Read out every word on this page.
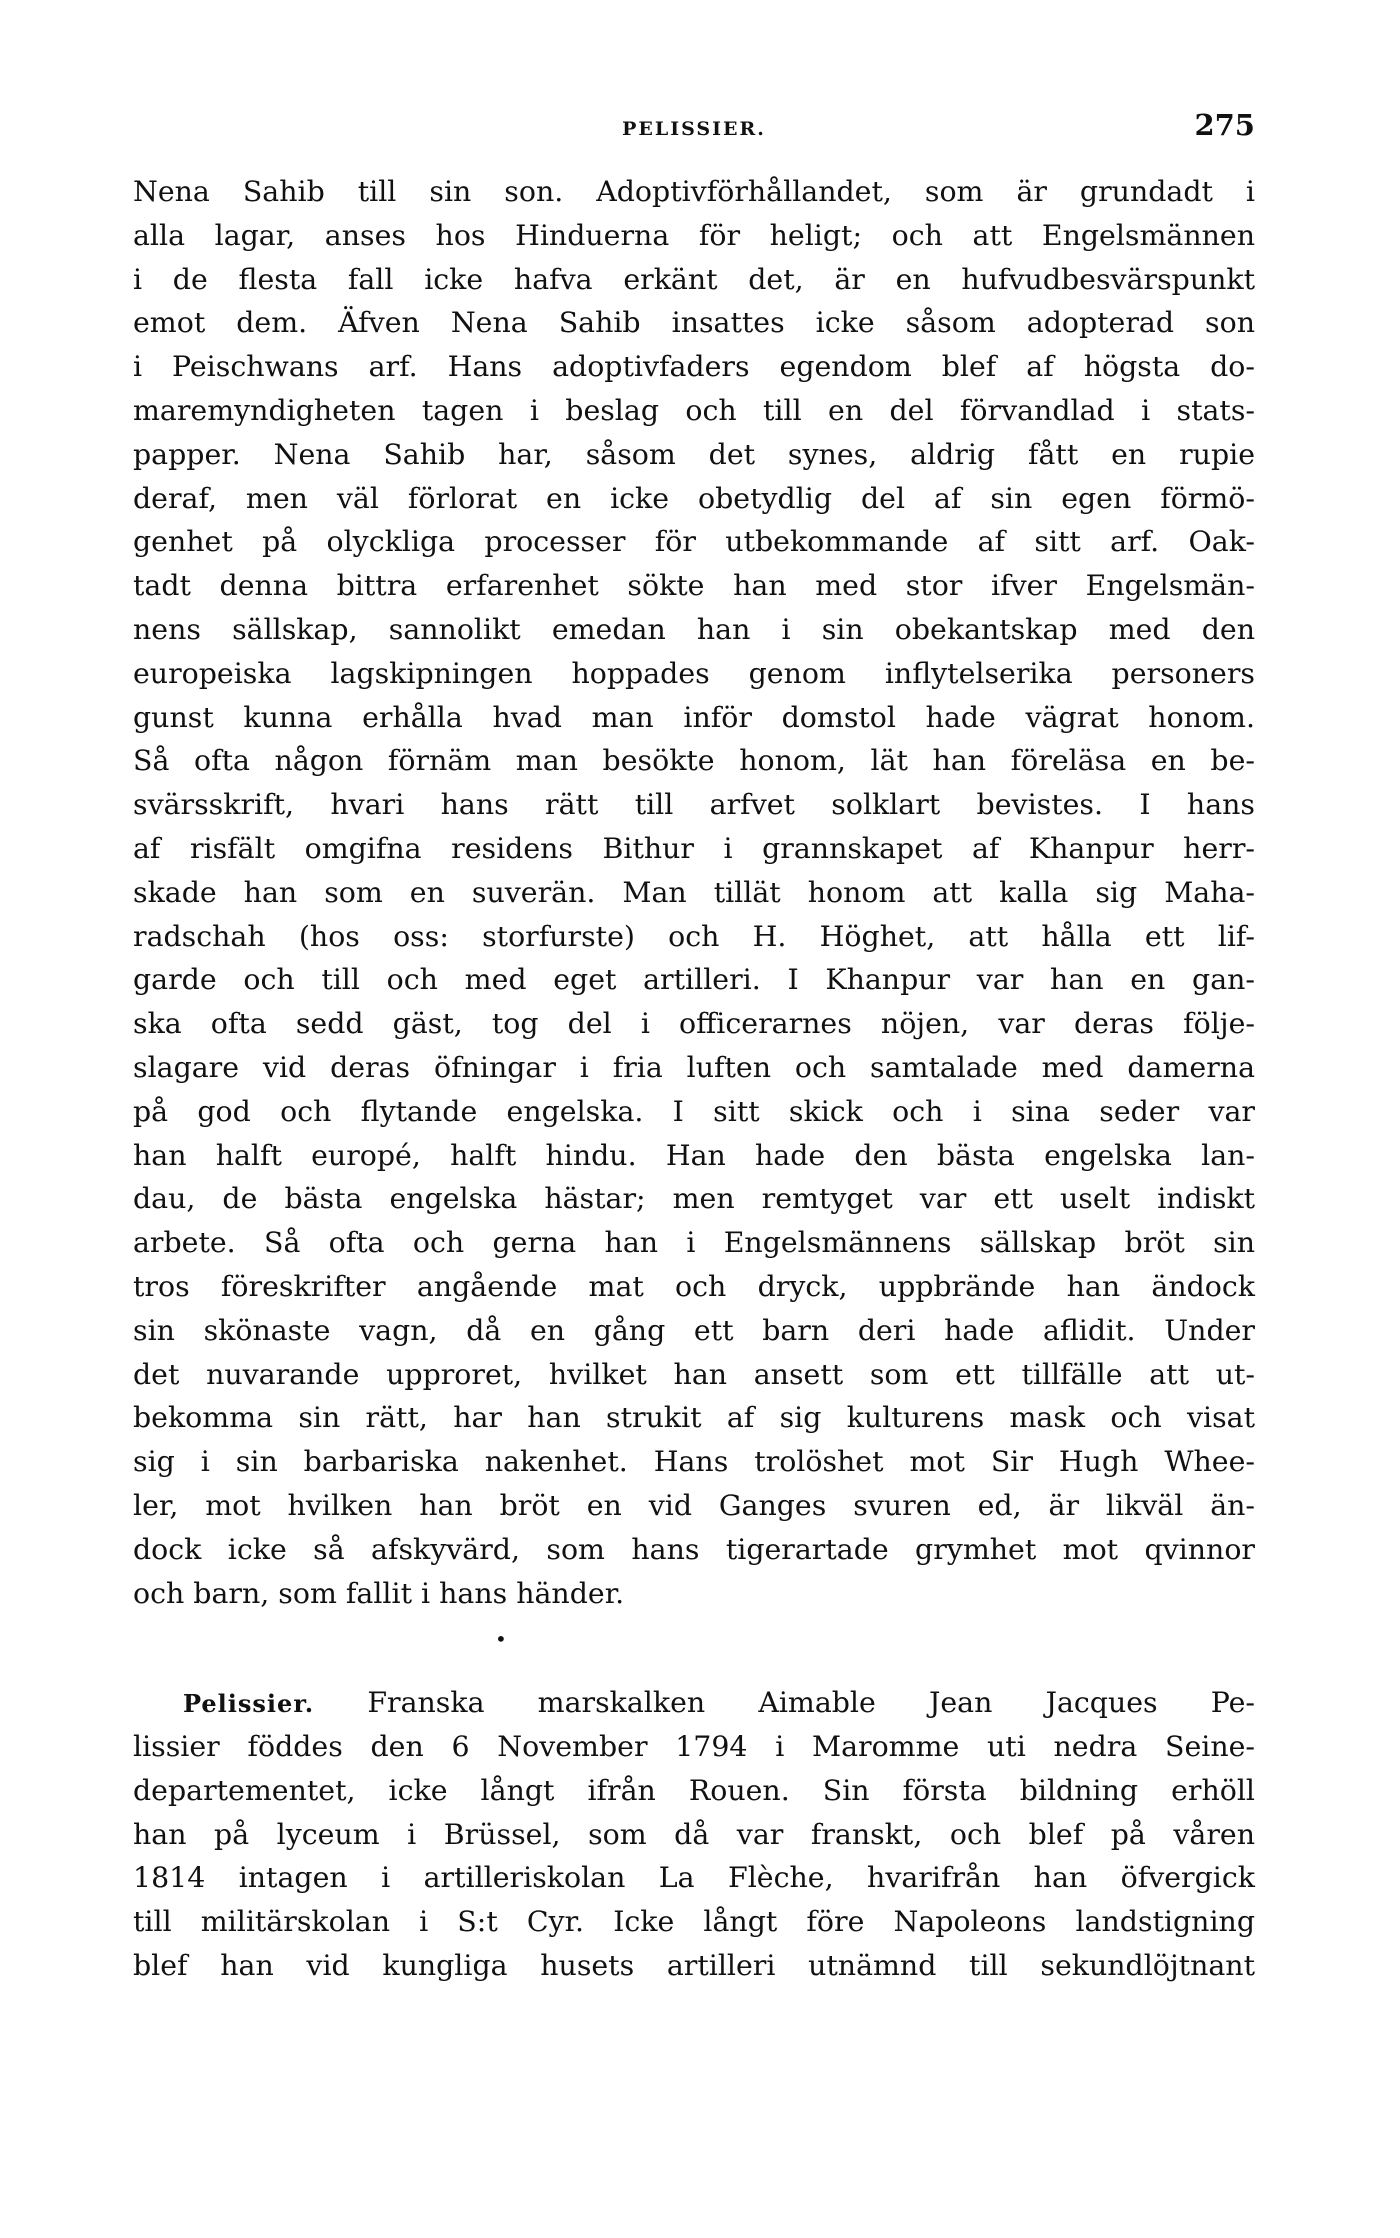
PELISSIER.	275
Nena Sahib till sin son. Adoptivförhållandet, som är grundadt i
alla lagar, anses hos Hinduerna för heligt; och att Engelsmännen
i de flesta fall icke hafva erkänt det, är en hufvudbesvärspunkt
emot dem. Äfven Nena Sahib insattes icke såsom adopterad son
i Peischwans arf. Hans adoptivfaders egendom blef af högsta do-
maremyndigheten tagen i beslag och till en del förvandlad i stats-
papper. Nena Sahib har, såsom det synes, aldrig fått en rupie
deraf, men väl förlorat en icke obetydlig del af sin egen förmö-
genhet på olyckliga processer för utbekommande af sitt arf. Oak-
tadt denna bittra erfarenhet sökte han med stor ifver Engelsmän-
nens sällskap, sannolikt emedan han i sin obekantskap med den
europeiska lagskipningen hoppades genom inflytelserika personers
gunst kunna erhålla hvad man inför domstol hade vägrat honom.
Så ofta någon förnäm man besökte honom, lät han föreläsa en be-
svärsskrift, hvari hans rätt till arfvet solklart bevistes. I hans
af risfält omgifna residens Bithur i grannskapet af Khanpur herr-
skade han som en suverän. Man tillät honom att kalla sig Maha-
radschah (hos oss: storfurste) och H. Höghet, att hålla ett lif-
garde och till och med eget artilleri. I Khanpur var han en gan-
ska ofta sedd gäst, tog del i officerarnes nöjen, var deras följe-
slagare vid deras öfningar i fria luften och samtalade med damerna
på god och flytande engelska. I sitt skick och i sina seder var
han halft europé, halft hindu. Han hade den bästa engelska lan-
dau, de bästa engelska hästar; men remtyget var ett uselt indiskt
arbete. Så ofta och gerna han i Engelsmännens sällskap bröt sin
tros föreskrifter angående mat och dryck, uppbrände han ändock
sin skönaste vagn, då en gång ett barn deri hade aflidit. Under
det nuvarande upproret, hvilket han ansett som ett tillfälle att ut-
bekomma sin rätt, har han strukit af sig kulturens mask och visat
sig i sin barbariska nakenhet. Hans trolöshet mot Sir Hugh Whee-
ler, mot hvilken han bröt en vid Ganges svuren ed, är likväl än-
dock icke så afskyvärd, som hans tigerartade grymhet mot qvinnor
och barn, som fallit i hans händer.
•
Pelissier. Franska marskalken Aimable Jean Jacques Pe-
lissier föddes den 6 November 1794 i Maromme uti nedra Seine-
departementet, icke långt ifrån Rouen. Sin första bildning erhöll
han på lyceum i Brüssel, som då var franskt, och blef på våren
1814 intagen i artilleriskolan La Flèche, hvarifrån han öfvergick
till militärskolan i S:t Cyr. Icke långt före Napoleons landstigning
blef han vid kungliga husets artilleri utnämnd till sekundlöjtnant
